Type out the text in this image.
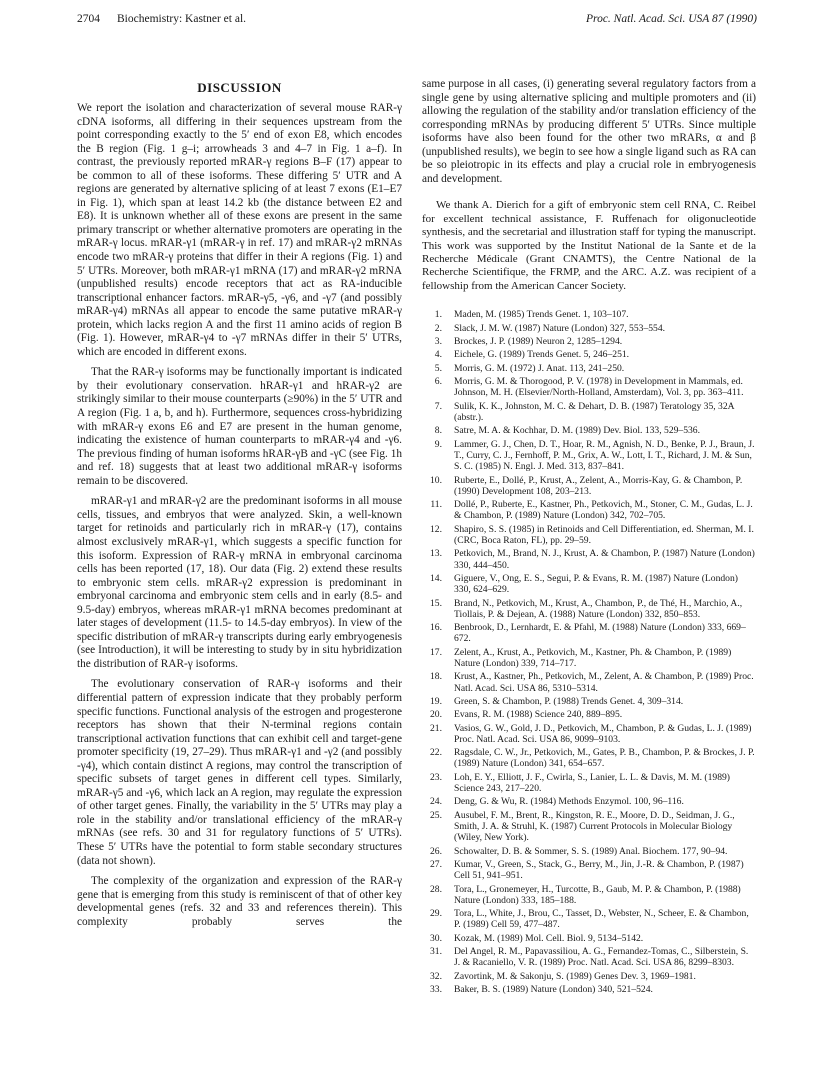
2704 Biochemistry: Kastner et al.	Proc. Natl. Acad. Sci. USA 87 (1990)
DISCUSSION

We report the isolation and characterization of several mouse RAR-γ cDNA isoforms, all differing in their sequences upstream from the point corresponding exactly to the 5′ end of exon E8, which encodes the B region (Fig. 1 g–i; arrowheads 3 and 4–7 in Fig. 1 a–f). In contrast, the previously reported mRAR-γ regions B–F (17) appear to be common to all of these isoforms. These differing 5′ UTR and A regions are generated by alternative splicing of at least 7 exons (E1–E7 in Fig. 1), which span at least 14.2 kb (the distance between E2 and E8). It is unknown whether all of these exons are present in the same primary transcript or whether alternative promoters are operating in the mRAR-γ locus. mRAR-γ1 (mRAR-γ in ref. 17) and mRAR-γ2 mRNAs encode two mRAR-γ proteins that differ in their A regions (Fig. 1) and 5′ UTRs. Moreover, both mRAR-γ1 mRNA (17) and mRAR-γ2 mRNA (unpublished results) encode receptors that act as RA-inducible transcriptional enhancer factors. mRAR-γ5, -γ6, and -γ7 (and possibly mRAR-γ4) mRNAs all appear to encode the same putative mRAR-γ protein, which lacks region A and the first 11 amino acids of region B (Fig. 1). However, mRAR-γ4 to -γ7 mRNAs differ in their 5′ UTRs, which are encoded in different exons.

That the RAR-γ isoforms may be functionally important is indicated by their evolutionary conservation. hRAR-γ1 and hRAR-γ2 are strikingly similar to their mouse counterparts (≥90%) in the 5′ UTR and A region (Fig. 1 a, b, and h). Furthermore, sequences cross-hybridizing with mRAR-γ exons E6 and E7 are present in the human genome, indicating the existence of human counterparts to mRAR-γ4 and -γ6. The previous finding of human isoforms hRAR-γB and -γC (see Fig. 1h and ref. 18) suggests that at least two additional mRAR-γ isoforms remain to be discovered.

mRAR-γ1 and mRAR-γ2 are the predominant isoforms in all mouse cells, tissues, and embryos that were analyzed. Skin, a well-known target for retinoids and particularly rich in mRAR-γ (17), contains almost exclusively mRAR-γ1, which suggests a specific function for this isoform. Expression of RAR-γ mRNA in embryonal carcinoma cells has been reported (17, 18). Our data (Fig. 2) extend these results to embryonic stem cells. mRAR-γ2 expression is predominant in embryonal carcinoma and embryonic stem cells and in early (8.5- and 9.5-day) embryos, whereas mRAR-γ1 mRNA becomes predominant at later stages of development (11.5- to 14.5-day embryos). In view of the specific distribution of mRAR-γ transcripts during early embryogenesis (see Introduction), it will be interesting to study by in situ hybridization the distribution of RAR-γ isoforms.

The evolutionary conservation of RAR-γ isoforms and their differential pattern of expression indicate that they probably perform specific functions. Functional analysis of the estrogen and progesterone receptors has shown that their N-terminal regions contain transcriptional activation functions that can exhibit cell and target-gene promoter specificity (19, 27–29). Thus mRAR-γ1 and -γ2 (and possibly -γ4), which contain distinct A regions, may control the transcription of specific subsets of target genes in different cell types. Similarly, mRAR-γ5 and -γ6, which lack an A region, may regulate the expression of other target genes. Finally, the variability in the 5′ UTRs may play a role in the stability and/or translational efficiency of the mRAR-γ mRNAs (see refs. 30 and 31 for regulatory functions of 5′ UTRs). These 5′ UTRs have the potential to form stable secondary structures (data not shown).

The complexity of the organization and expression of the RAR-γ gene that is emerging from this study is reminiscent of that of other key developmental genes (refs. 32 and 33 and references therein). This complexity probably serves the

same purpose in all cases, (i) generating several regulatory factors from a single gene by using alternative splicing and multiple promoters and (ii) allowing the regulation of the stability and/or translation efficiency of the corresponding mRNAs by producing different 5′ UTRs. Since multiple isoforms have also been found for the other two mRARs, α and β (unpublished results), we begin to see how a single ligand such as RA can be so pleiotropic in its effects and play a crucial role in embryogenesis and development.

We thank A. Dierich for a gift of embryonic stem cell RNA, C. Reibel for excellent technical assistance, F. Ruffenach for oligonucleotide synthesis, and the secretarial and illustration staff for typing the manuscript. This work was supported by the Institut National de la Sante et de la Recherche Médicale (Grant CNAMTS), the Centre National de la Recherche Scientifique, the FRMP, and the ARC. A.Z. was recipient of a fellowship from the American Cancer Society.

1. Maden, M. (1985) Trends Genet. 1, 103–107.
2. Slack, J. M. W. (1987) Nature (London) 327, 553–554.
3. Brockes, J. P. (1989) Neuron 2, 1285–1294.
4. Eichele, G. (1989) Trends Genet. 5, 246–251.
5. Morris, G. M. (1972) J. Anat. 113, 241–250.
6. Morris, G. M. & Thorogood, P. V. (1978) in Development in Mammals, ed. Johnson, M. H. (Elsevier/North-Holland, Amsterdam), Vol. 3, pp. 363–411.
7. Sulik, K. K., Johnston, M. C. & Dehart, D. B. (1987) Teratology 35, 32A (abstr.).
8. Satre, M. A. & Kochhar, D. M. (1989) Dev. Biol. 133, 529–536.
9. Lammer, G. J., Chen, D. T., Hoar, R. M., Agnish, N. D., Benke, P. J., Braun, J. T., Curry, C. J., Fernhoff, P. M., Grix, A. W., Lott, I. T., Richard, J. M. & Sun, S. C. (1985) N. Engl. J. Med. 313, 837–841.
10. Ruberte, E., Dollé, P., Krust, A., Zelent, A., Morris-Kay, G. & Chambon, P. (1990) Development 108, 203–213.
11. Dollé, P., Ruberte, E., Kastner, Ph., Petkovich, M., Stoner, C. M., Gudas, L. J. & Chambon, P. (1989) Nature (London) 342, 702–705.
12. Shapiro, S. S. (1985) in Retinoids and Cell Differentiation, ed. Sherman, M. I. (CRC, Boca Raton, FL), pp. 29–59.
13. Petkovich, M., Brand, N. J., Krust, A. & Chambon, P. (1987) Nature (London) 330, 444–450.
14. Giguere, V., Ong, E. S., Segui, P. & Evans, R. M. (1987) Nature (London) 330, 624–629.
15. Brand, N., Petkovich, M., Krust, A., Chambon, P., de Thé, H., Marchio, A., Tiollais, P. & Dejean, A. (1988) Nature (London) 332, 850–853.
16. Benbrook, D., Lernhardt, E. & Pfahl, M. (1988) Nature (London) 333, 669–672.
17. Zelent, A., Krust, A., Petkovich, M., Kastner, Ph. & Chambon, P. (1989) Nature (London) 339, 714–717.
18. Krust, A., Kastner, Ph., Petkovich, M., Zelent, A. & Chambon, P. (1989) Proc. Natl. Acad. Sci. USA 86, 5310–5314.
19. Green, S. & Chambon, P. (1988) Trends Genet. 4, 309–314.
20. Evans, R. M. (1988) Science 240, 889–895.
21. Vasios, G. W., Gold, J. D., Petkovich, M., Chambon, P. & Gudas, L. J. (1989) Proc. Natl. Acad. Sci. USA 86, 9099–9103.
22. Ragsdale, C. W., Jr., Petkovich, M., Gates, P. B., Chambon, P. & Brockes, J. P. (1989) Nature (London) 341, 654–657.
23. Loh, E. Y., Elliott, J. F., Cwirla, S., Lanier, L. L. & Davis, M. M. (1989) Science 243, 217–220.
24. Deng, G. & Wu, R. (1984) Methods Enzymol. 100, 96–116.
25. Ausubel, F. M., Brent, R., Kingston, R. E., Moore, D. D., Seidman, J. G., Smith, J. A. & Struhl, K. (1987) Current Protocols in Molecular Biology (Wiley, New York).
26. Schowalter, D. B. & Sommer, S. S. (1989) Anal. Biochem. 177, 90–94.
27. Kumar, V., Green, S., Stack, G., Berry, M., Jin, J.-R. & Chambon, P. (1987) Cell 51, 941–951.
28. Tora, L., Gronemeyer, H., Turcotte, B., Gaub, M. P. & Chambon, P. (1988) Nature (London) 333, 185–188.
29. Tora, L., White, J., Brou, C., Tasset, D., Webster, N., Scheer, E. & Chambon, P. (1989) Cell 59, 477–487.
30. Kozak, M. (1989) Mol. Cell. Biol. 9, 5134–5142.
31. Del Angel, R. M., Papavassiliou, A. G., Fernandez-Tomas, C., Silberstein, S. J. & Racaniello, V. R. (1989) Proc. Natl. Acad. Sci. USA 86, 8299–8303.
32. Zavortink, M. & Sakonju, S. (1989) Genes Dev. 3, 1969–1981.
33. Baker, B. S. (1989) Nature (London) 340, 521–524.
